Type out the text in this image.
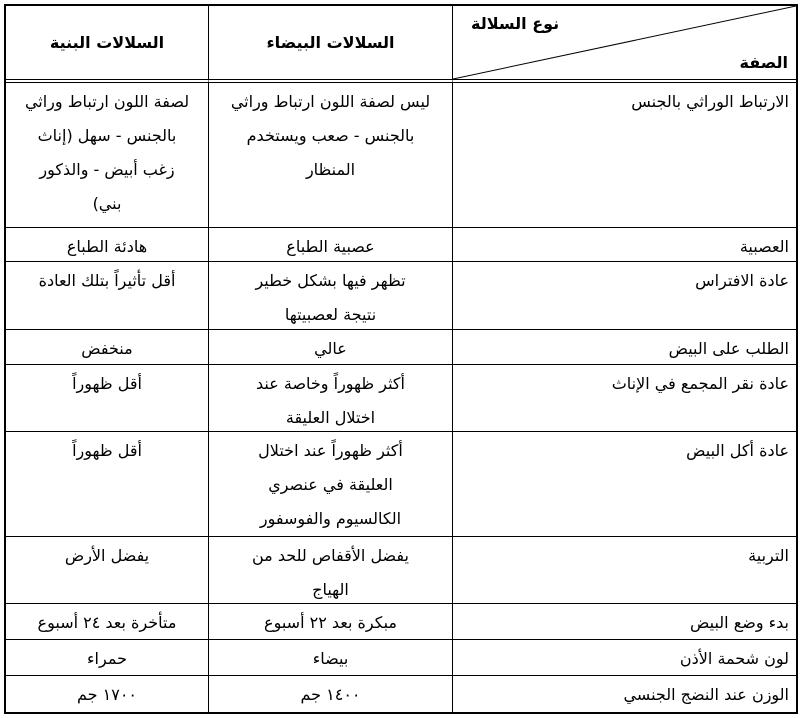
نوع السلالة
الصفة
السلالات البيضاء
السلالات البنية
الارتباط الوراثي بالجنس
ليس لصفة اللون ارتباط وراثي
بالجنس - صعب ويستخدم
المنظار
لصفة اللون ارتباط وراثي
بالجنس - سهل (إناث
زغب أبيض - والذكور
بني)
العصبية
عصبية الطباع
هادئة الطباع
عادة الافتراس
تظهر فيها بشكل خطير
نتيجة لعصبيتها
أقل تأثيراً بتلك العادة
الطلب على البيض
عالي
منخفض
عادة نقر المجمع في الإناث
أكثر ظهوراً وخاصة عند
اختلال العليقة
أقل ظهوراً
عادة أكل البيض
أكثر ظهوراً عند اختلال
العليقة في عنصري
الكالسيوم والفوسفور
أقل ظهوراً
التربية
يفضل الأقفاص للحد من
الهياج
يفضل الأرض
بدء وضع البيض
مبكرة بعد ٢٢ أسبوع
متأخرة بعد ٢٤ أسبوع
لون شحمة الأذن
بيضاء
حمراء
الوزن عند النضج الجنسي
١٤٠٠ جم
١٧٠٠ جم
